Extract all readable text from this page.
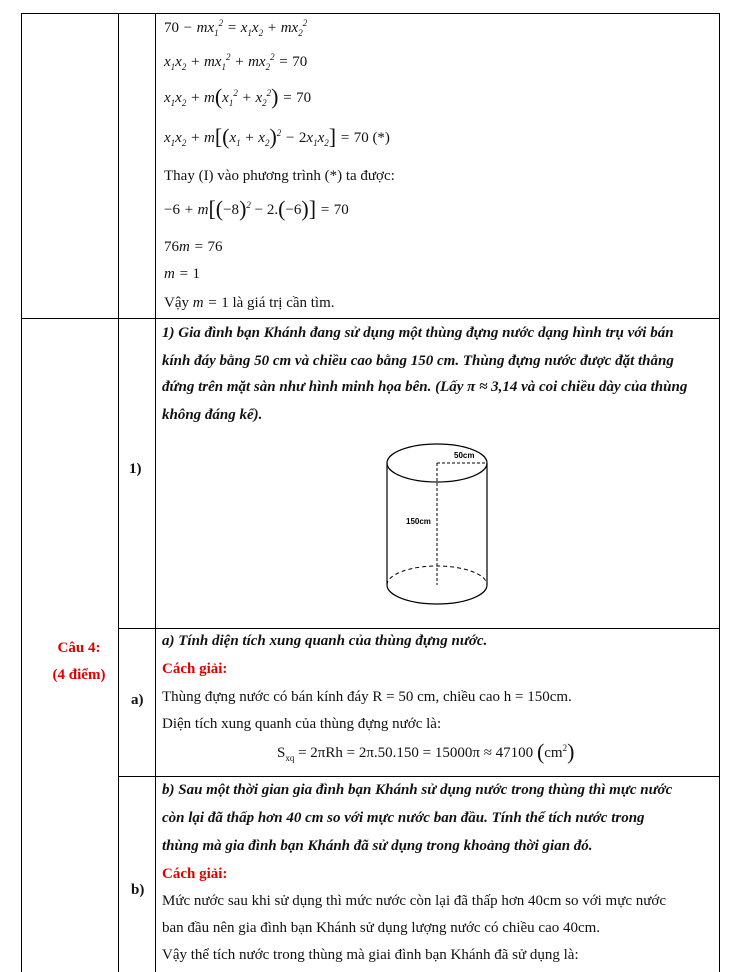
$70 - mx_1^2 = x_1x_2 + mx_2^2$
$x_1x_2 + mx_1^2 + mx_2^2 = 70$
$x_1x_2 + m(x_1^2 + x_2^2) = 70$
$x_1x_2 + m[(x_1 + x_2)^2 - 2x_1x_2] = 70$ (*)
Thay (I) vào phương trình (*) ta được:
$-6 + m[(-8)^2 - 2.(-6)] = 70$
76m = 76
m = 1
Vậy m = 1 là giá trị cần tìm.
Câu 4:
(4 điểm)
1)
1) Gia đình bạn Khánh đang sử dụng một thùng đựng nước dạng hình trụ với bán
kính đáy bằng 50 cm và chiều cao bằng 150 cm. Thùng đựng nước được đặt thẳng
đứng trên mặt sàn như hình minh họa bên. (Lấy π ≈ 3,14 và coi chiều dày của thùng
không đáng kể).
50cm
150cm
a)
a) Tính diện tích xung quanh của thùng đựng nước.
Cách giải:
Thùng đựng nước có bán kính đáy R = 50 cm, chiều cao h = 150cm.
Diện tích xung quanh của thùng đựng nước là:
$S_{xq} = 2\pi Rh = 2\pi.50.150 = 15000\pi \approx 47100$ $(cm^2)$
b)
b) Sau một thời gian gia đình bạn Khánh sử dụng nước trong thùng thì mực nước
còn lại đã thấp hơn 40 cm so với mực nước ban đầu. Tính thể tích nước trong
thùng mà gia đình bạn Khánh đã sử dụng trong khoảng thời gian đó.
Cách giải:
Mức nước sau khi sử dụng thì mức nước còn lại đã thấp hơn 40cm so với mực nước
ban đầu nên gia đình bạn Khánh sử dụng lượng nước có chiều cao 40cm.
Vậy thể tích nước trong thùng mà giai đình bạn Khánh đã sử dụng là:
